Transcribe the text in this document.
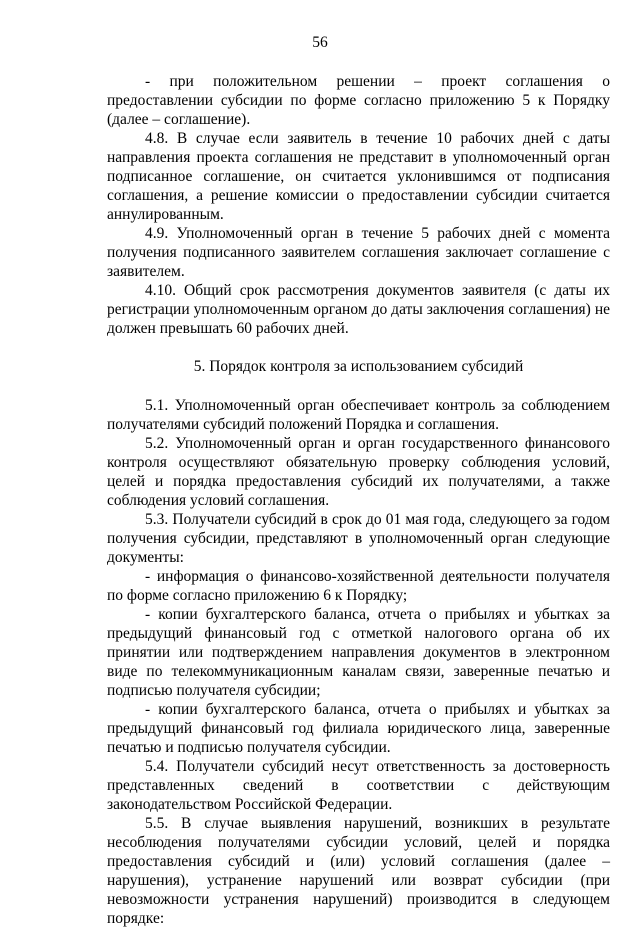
56

- при положительном решении – проект соглашения о предоставлении субсидии по форме согласно приложению 5 к Порядку (далее – соглашение).

4.8. В случае если заявитель в течение 10 рабочих дней с даты направления проекта соглашения не представит в уполномоченный орган подписанное соглашение, он считается уклонившимся от подписания соглашения, а решение комиссии о предоставлении субсидии считается аннулированным.

4.9. Уполномоченный орган в течение 5 рабочих дней с момента получения подписанного заявителем соглашения заключает соглашение с заявителем.

4.10. Общий срок рассмотрения документов заявителя (с даты их регистрации уполномоченным органом до даты заключения соглашения) не должен превышать 60 рабочих дней.

5. Порядок контроля за использованием субсидий

5.1. Уполномоченный орган обеспечивает контроль за соблюдением получателями субсидий положений Порядка и соглашения.

5.2. Уполномоченный орган и орган государственного финансового контроля осуществляют обязательную проверку соблюдения условий, целей и порядка предоставления субсидий их получателями, а также соблюдения условий соглашения.

5.3. Получатели субсидий в срок до 01 мая года, следующего за годом получения субсидии, представляют в уполномоченный орган следующие документы:

- информация о финансово-хозяйственной деятельности получателя по форме согласно приложению 6 к Порядку;

- копии бухгалтерского баланса, отчета о прибылях и убытках за предыдущий финансовый год с отметкой налогового органа об их принятии или подтверждением направления документов в электронном виде по телекоммуникационным каналам связи, заверенные печатью и подписью получателя субсидии;

- копии бухгалтерского баланса, отчета о прибылях и убытках за предыдущий финансовый год филиала юридического лица, заверенные печатью и подписью получателя субсидии.

5.4. Получатели субсидий несут ответственность за достоверность представленных сведений в соответствии с действующим законодательством Российской Федерации.

5.5. В случае выявления нарушений, возникших в результате несоблюдения получателями субсидии условий, целей и порядка предоставления субсидий и (или) условий соглашения (далее – нарушения), устранение нарушений или возврат субсидии (при невозможности устранения нарушений) производится в следующем порядке:
